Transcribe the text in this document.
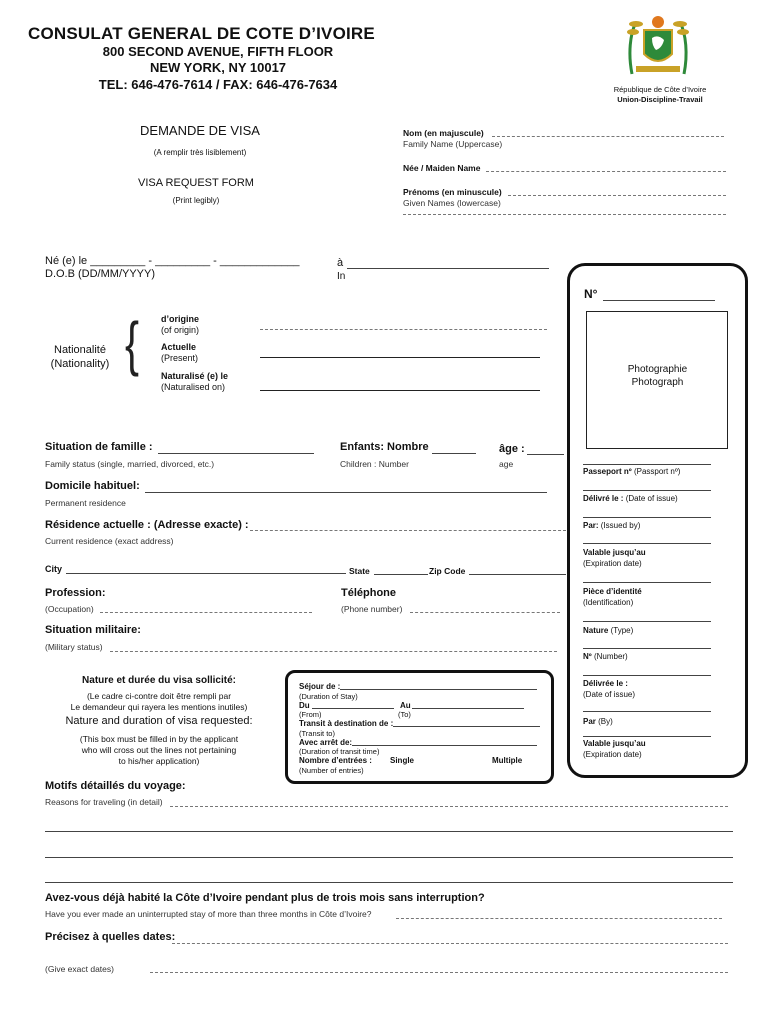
CONSULAT GENERAL DE COTE D’IVOIRE
800 SECOND AVENUE, FIFTH FLOOR
NEW YORK, NY 10017
TEL: 646-476-7614 / FAX: 646-476-7634	République de Côte d’Ivoire
Union-Discipline-Travail
DEMANDE DE VISA
(A remplir très lisiblement)
VISA REQUEST FORM
(Print legibly)
Nom (en majuscule)
Family Name (Uppercase)
Née / Maiden Name
Prénoms (en minuscule)
Given Names (lowercase)
Né (e) le _________ - _________ - _____________
D.O.B (DD/MM/YYYY)
à
In
Nationalité
(Nationality) { d’origine
(of origin)
Actuelle
(Present)
Naturalisé (e) le
(Naturalised on)
Situation de famille :
Family status (single, married, divorced, etc.)
Enfants: Nombre
Children : Number
âge :
age
Domicile habituel:
Permanent residence
Résidence actuelle : (Adresse exacte) :
Current residence (exact address)
City	State	Zip Code
Profession:
(Occupation)
Téléphone
(Phone number)
Situation militaire:
(Military status)
Nature et durée du visa sollicité:
(Le cadre ci-contre doit être rempli par
Le demandeur qui rayera les mentions inutiles)
Nature and duration of visa requested:
(This box must be filled in by the applicant
who will cross out the lines not pertaining
to his/her application)
Séjour de :
(Duration of Stay)
Du	Au
(From)	(To)
Transit à destination de :
(Transit to)
Avec arrêt de:
(Duration of transit time)
Nombre d’entrées : Single	Multiple
(Number of entries)
Motifs détaillés du voyage:
Reasons for traveling (in detail)
Avez-vous déjà habité la Côte d’Ivoire pendant plus de trois mois sans interruption?
Have you ever made an uninterrupted stay of more than three months in Côte d’Ivoire?
Précisez à quelles dates:
(Give exact dates)
N°
Photographie
Photograph
Passeport nº (Passport nº)
Délivré le : (Date of issue)
Par: (Issued by)
Valable jusqu’au
(Expiration date)
Pièce d’identité
(Identification)
Nature (Type)
Nº (Number)
Délivrée le :
(Date of issue)
Par (By)
Valable jusqu’au
(Expiration date)
